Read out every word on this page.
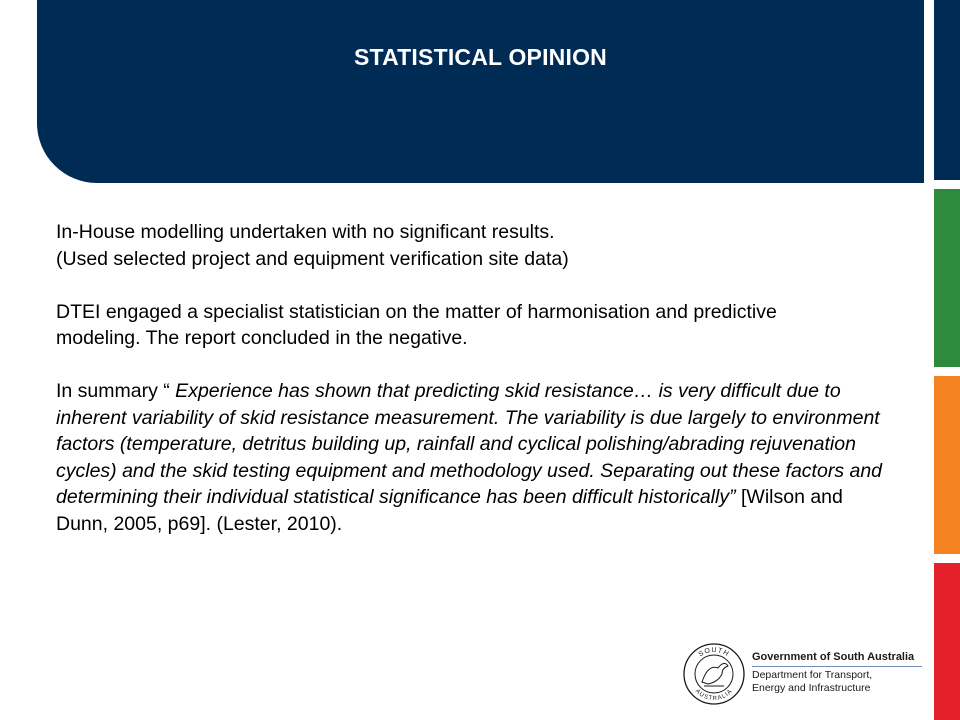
STATISTICAL OPINION

In-House modelling undertaken with no significant results.

(Used selected project and equipment verification site data)

DTEI engaged a specialist statistician on the matter of harmonisation and predictive modeling. The report concluded in the negative.

In summary “ Experience has shown that predicting skid resistance… is very difficult due to inherent variability of skid resistance measurement. The variability is due largely to environment factors (temperature, detritus building up, rainfall and cyclical polishing/abrading rejuvenation cycles) and the skid testing equipment and methodology used. Separating out these factors and determining their individual statistical significance has been difficult historically” [Wilson and Dunn, 2005, p69]. (Lester, 2010).

SOUTH
AUSTRALIA
Government of South Australia
Department for Transport,
Energy and Infrastructure
